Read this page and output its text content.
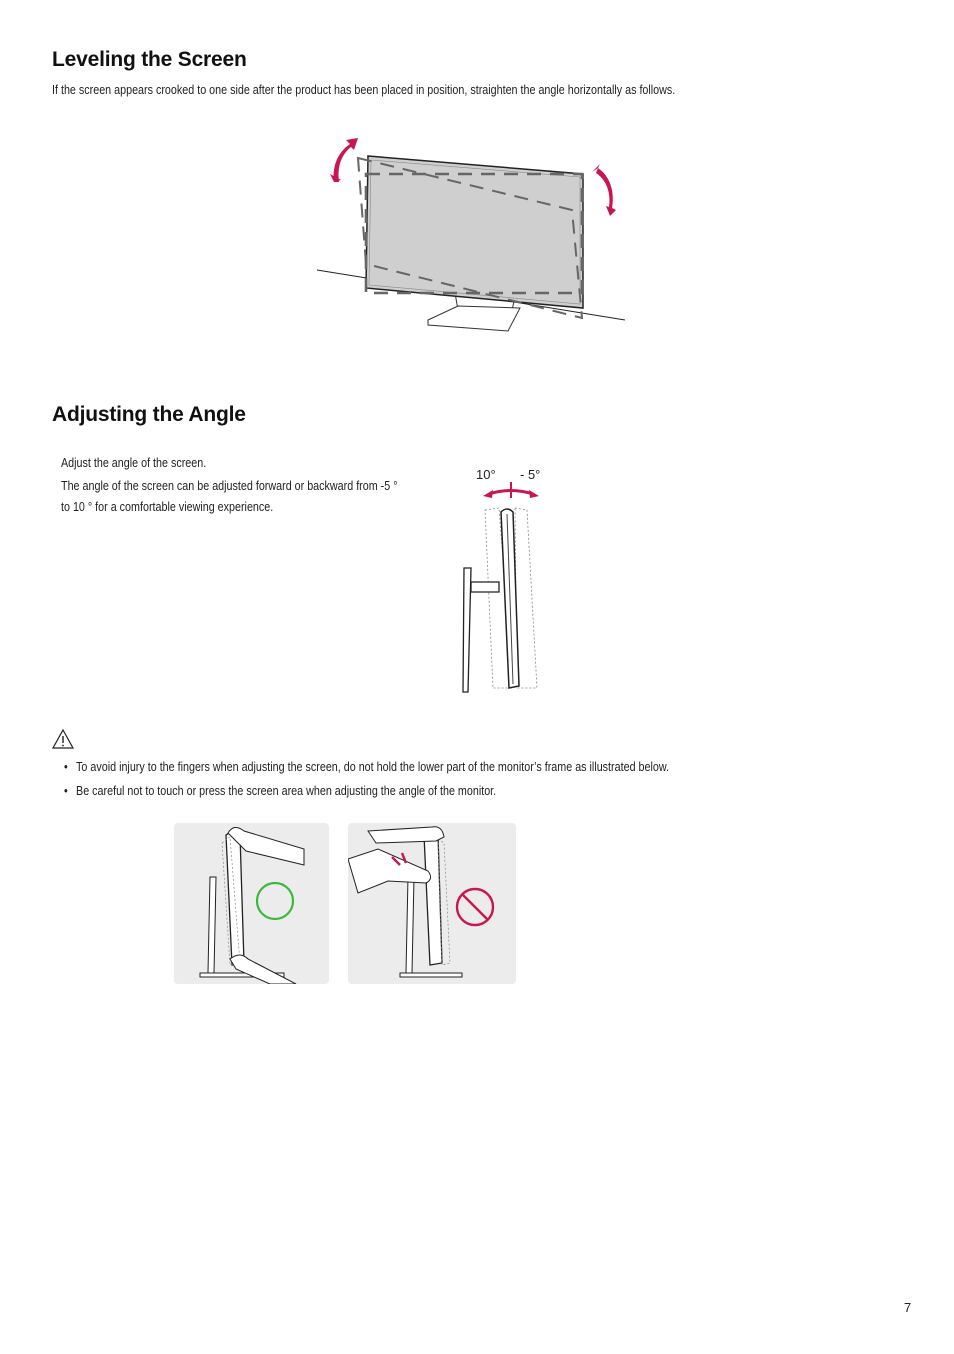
Leveling the Screen
If the screen appears crooked to one side after the product has been placed in position, straighten the angle horizontally as follows.
Adjusting the Angle
Adjust the angle of the screen.
The angle of the screen can be adjusted forward or backward from -5 °
to 10 ° for a comfortable viewing experience.
10° - 5°
• To avoid injury to the fingers when adjusting the screen, do not hold the lower part of the monitor’s frame as illustrated below.
• Be careful not to touch or press the screen area when adjusting the angle of the monitor.
7
